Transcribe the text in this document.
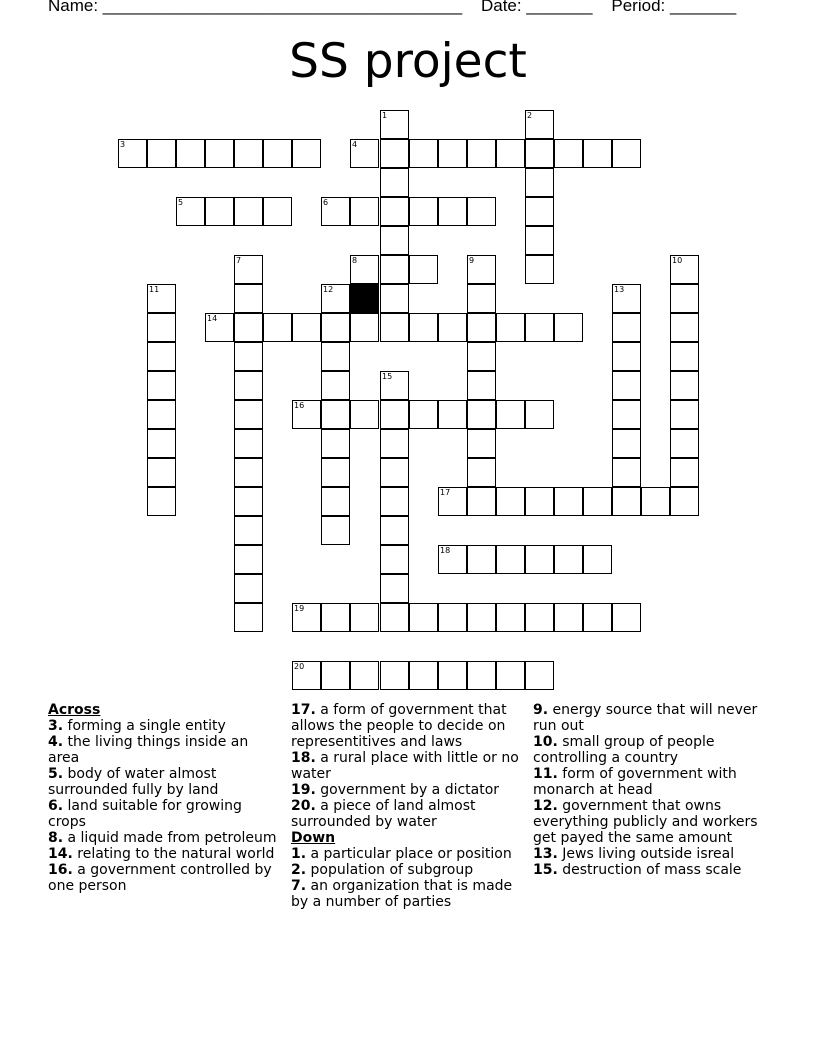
Name: ______________________________________    Date: _______    Period: _______
SS project
1	2
3	4
5	6
7	8	9	10
11	12	13
14
15
16
17
18
19
20
Across
3. forming a single entity
4. the living things inside an area
5. body of water almost surrounded fully by land
6. land suitable for growing crops
8. a liquid made from petroleum
14. relating to the natural world
16. a government controlled by one person
17. a form of government that allows the people to decide on representitives and laws
18. a rural place with little or no water
19. government by a dictator
20. a piece of land almost surrounded by water
Down
1. a particular place or position
2. population of subgroup
7. an organization that is made by a number of parties
9. energy source that will never run out
10. small group of people controlling a country
11. form of government with monarch at head
12. government that owns everything publicly and workers get payed the same amount
13. Jews living outside isreal
15. destruction of mass scale
